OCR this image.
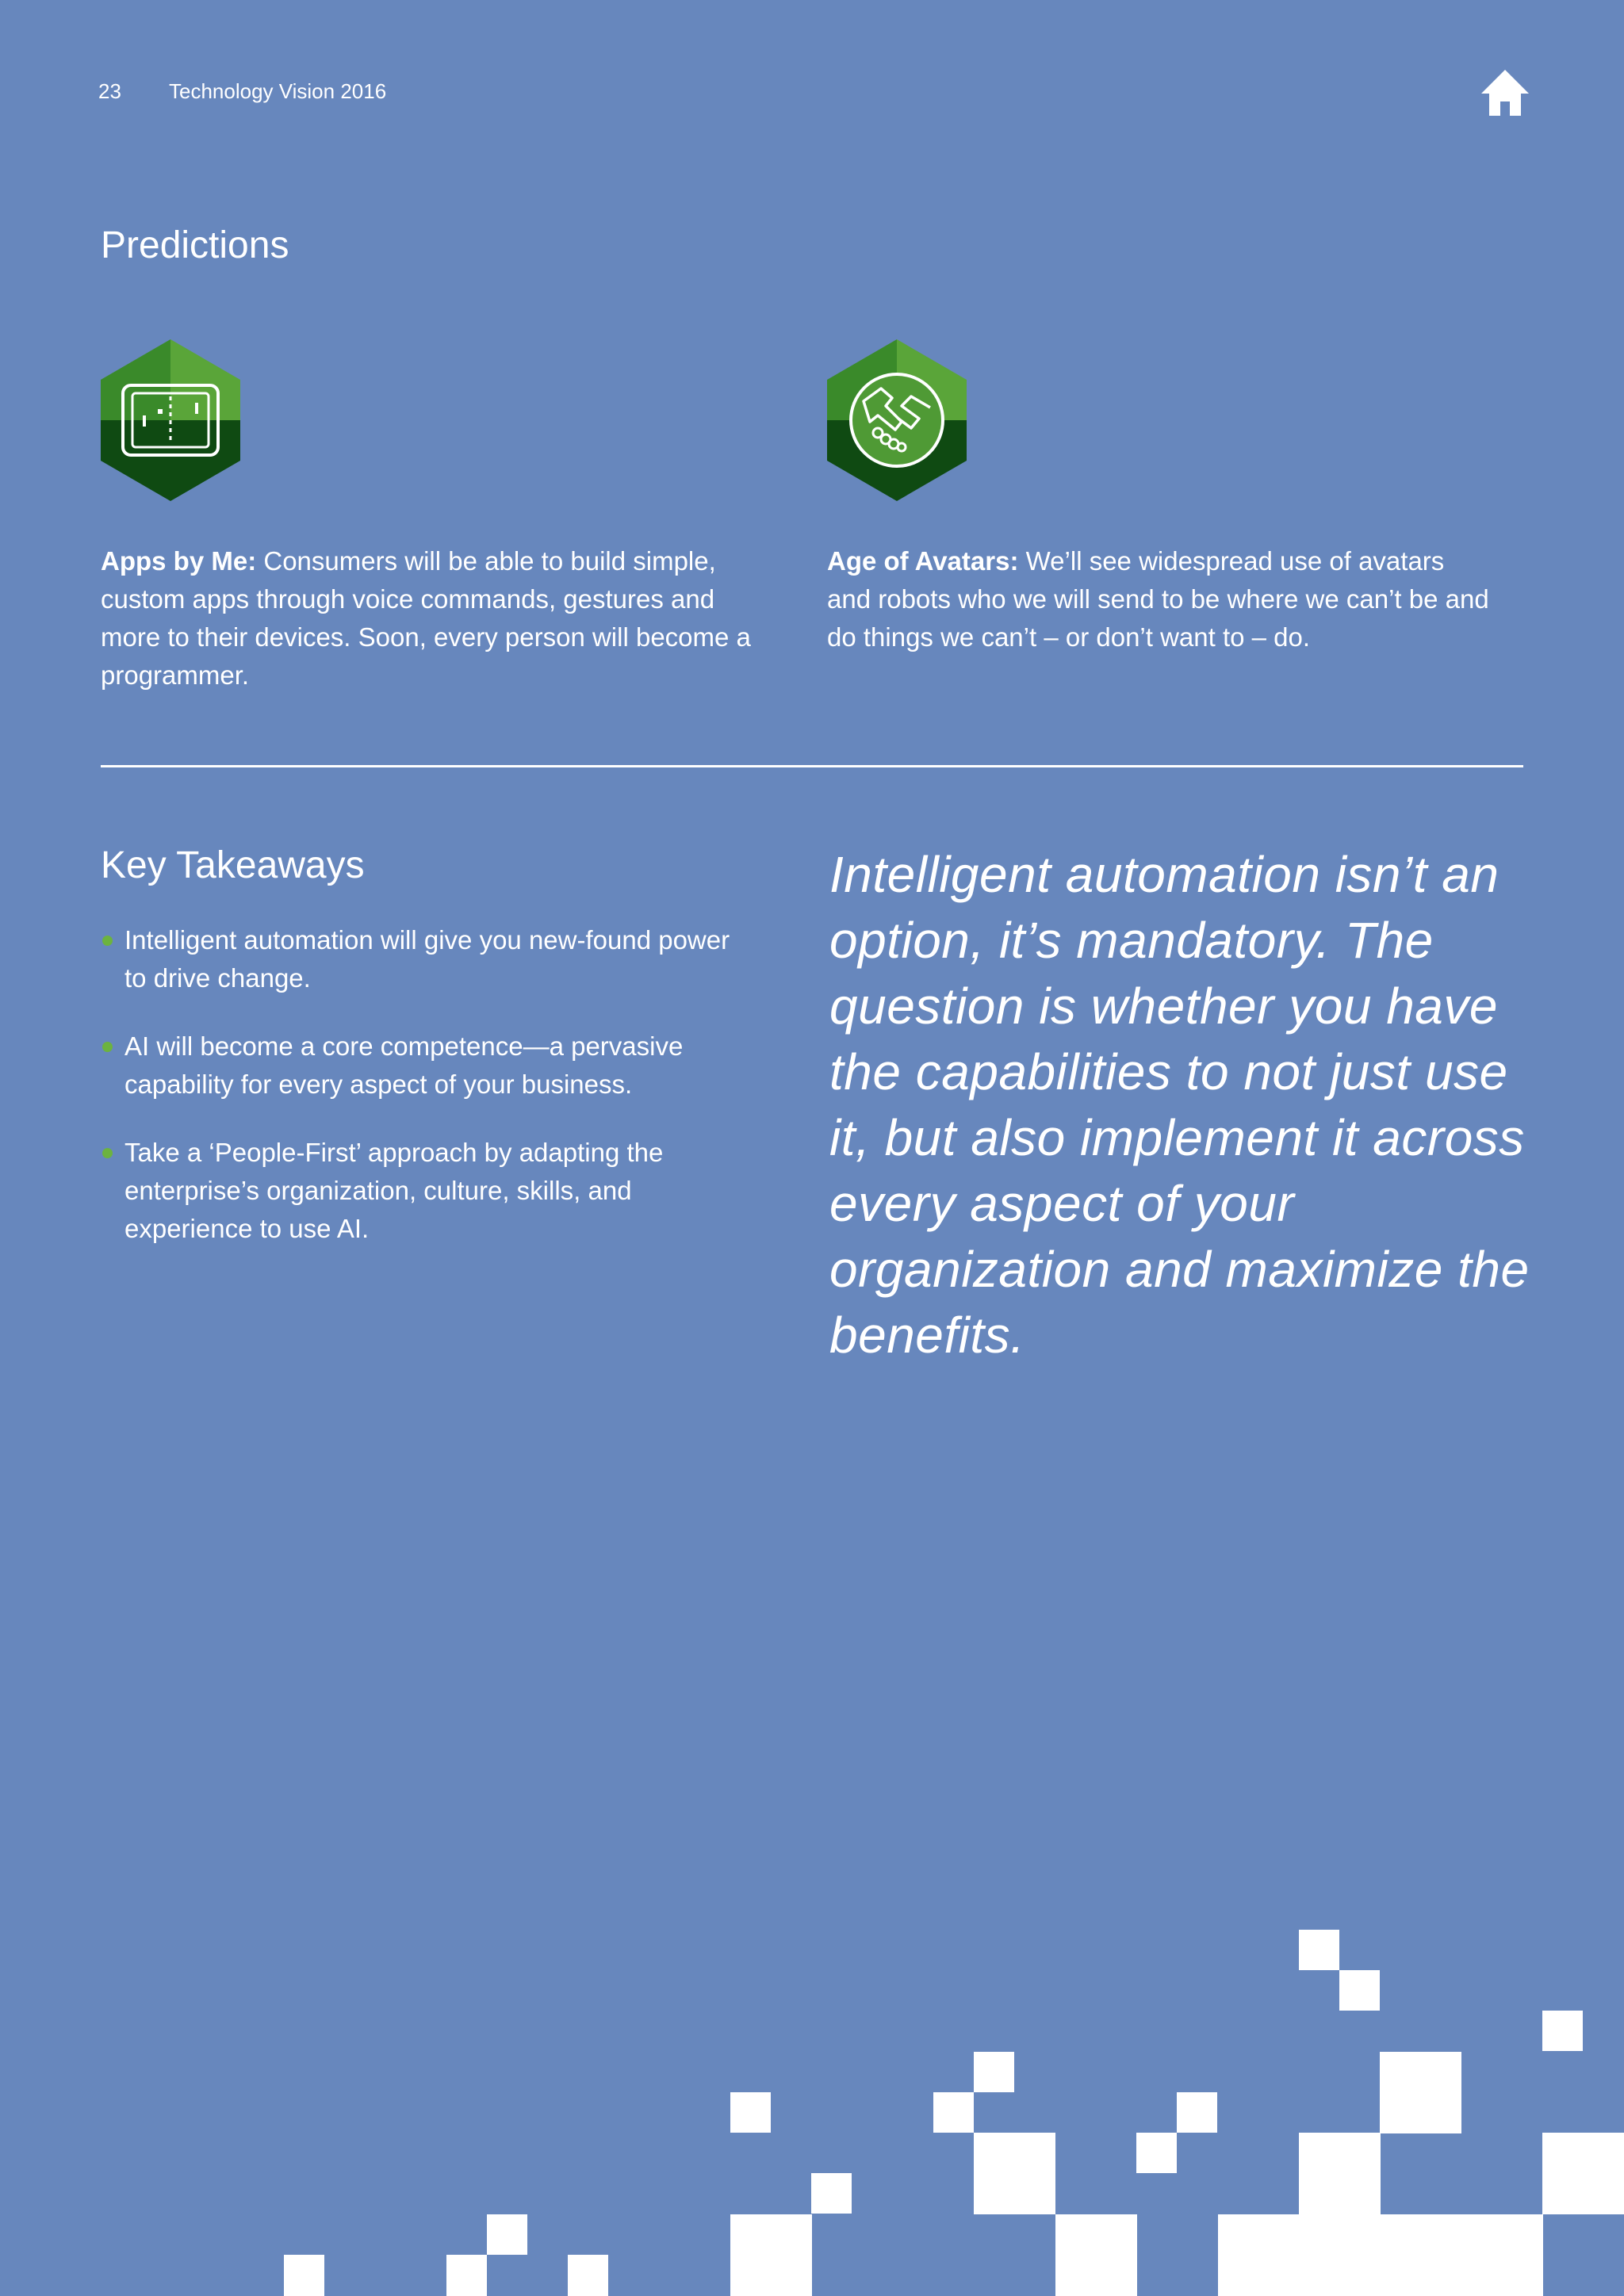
23 Technology Vision 2016
Predictions
Apps by Me: Consumers will be able to build simple, custom apps through voice commands, gestures and more to their devices. Soon, every person will become a programmer.
Age of Avatars: We’ll see widespread use of avatars and robots who we will send to be where we can’t be and do things we can’t – or don’t want to – do.
Key Takeaways
Intelligent automation will give you new-found power to drive change.
AI will become a core competence—a pervasive capability for every aspect of your business.
Take a ‘People-First’ approach by adapting the enterprise’s organization, culture, skills, and experience to use AI.
Intelligent automation isn’t an option, it’s mandatory. The question is whether you have the capabilities to not just use it, but also implement it across every aspect of your organization and maximize the benefits.
